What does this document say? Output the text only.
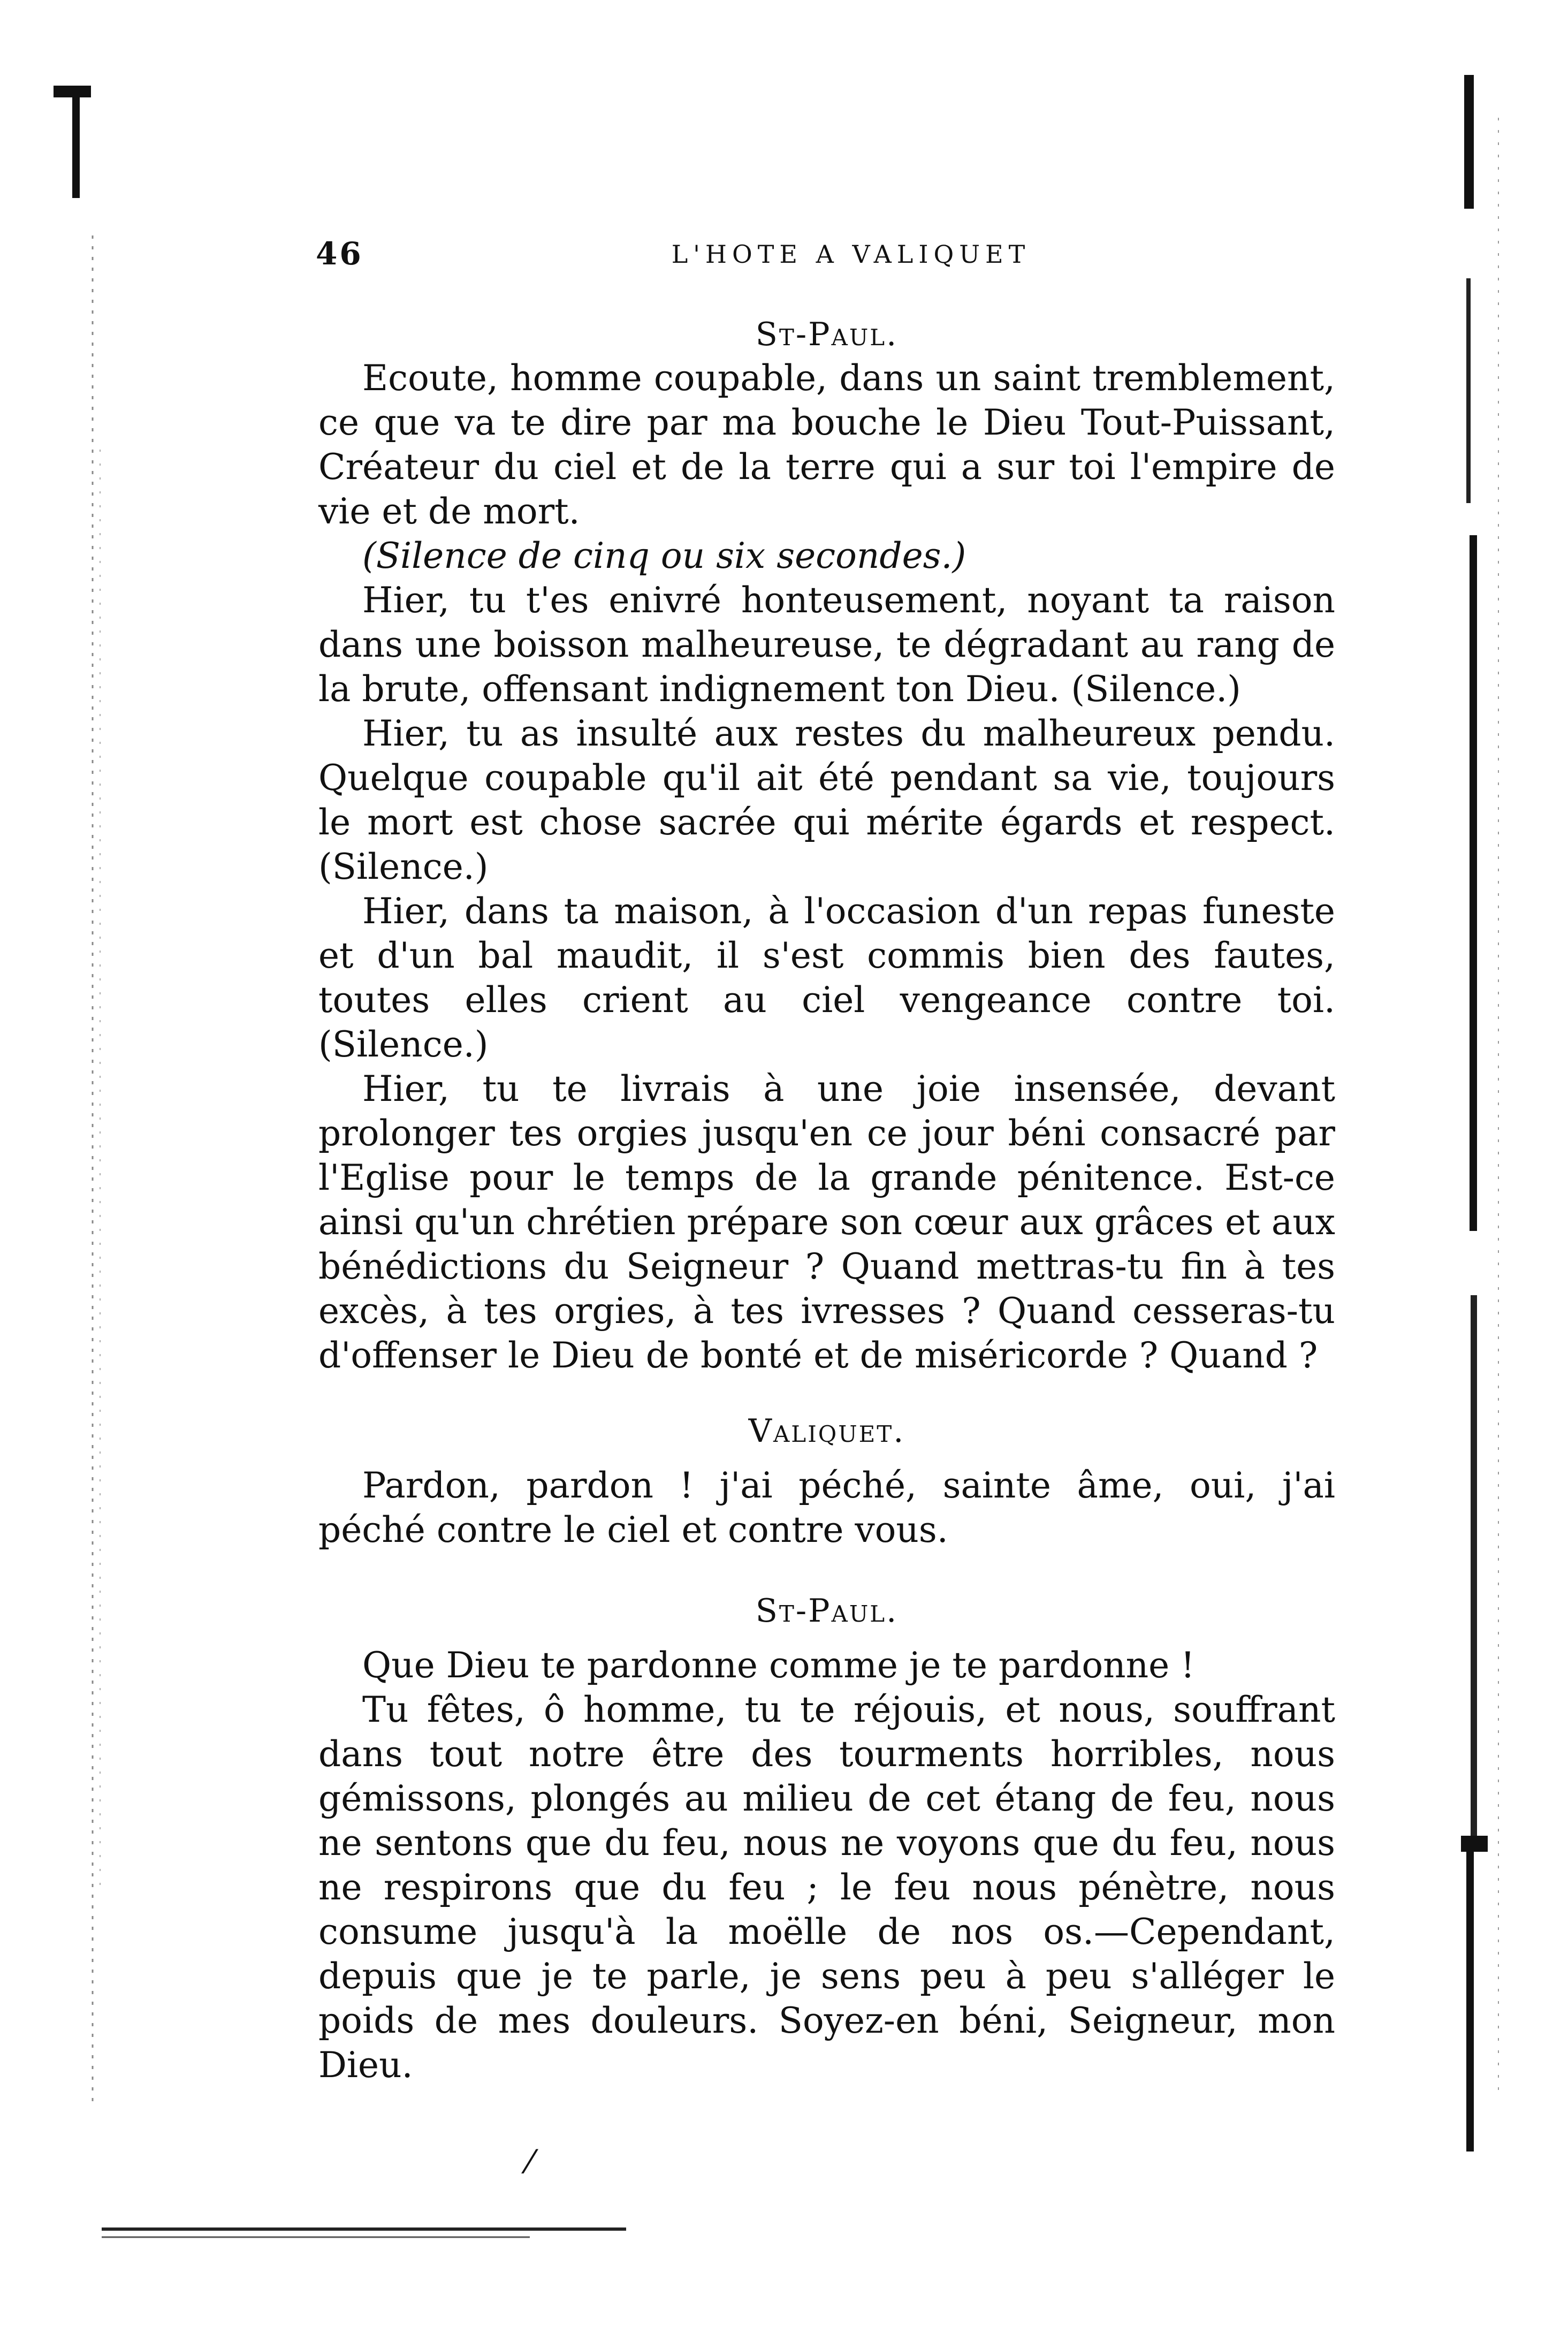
46	L'HOTE A VALIQUET
St-Paul.

Ecoute, homme coupable, dans un saint tremblement, ce que va te dire par ma bouche le Dieu Tout-Puissant, Créateur du ciel et de la terre qui a sur toi l'empire de vie et de mort.

(Silence de cinq ou six secondes.)

Hier, tu t'es enivré honteusement, noyant ta raison dans une boisson malheureuse, te dégradant au rang de la brute, offensant indignement ton Dieu. (Silence.)

Hier, tu as insulté aux restes du malheureux pendu. Quelque coupable qu'il ait été pendant sa vie, toujours le mort est chose sacrée qui mérite égards et respect. (Silence.)

Hier, dans ta maison, à l'occasion d'un repas funeste et d'un bal maudit, il s'est commis bien des fautes, toutes elles crient au ciel vengeance contre toi. (Silence.)

Hier, tu te livrais à une joie insensée, devant prolonger tes orgies jusqu'en ce jour béni consacré par l'Eglise pour le temps de la grande pénitence. Est-ce ainsi qu'un chrétien prépare son cœur aux grâces et aux bénédictions du Seigneur ? Quand mettras-tu fin à tes excès, à tes orgies, à tes ivresses ? Quand cesseras-tu d'offenser le Dieu de bonté et de miséricorde ? Quand ?

Valiquet.

Pardon, pardon ! j'ai péché, sainte âme, oui, j'ai péché contre le ciel et contre vous.

St-Paul.

Que Dieu te pardonne comme je te pardonne !

Tu fêtes, ô homme, tu te réjouis, et nous, souffrant dans tout notre être des tourments horribles, nous gémissons, plongés au milieu de cet étang de feu, nous ne sentons que du feu, nous ne voyons que du feu, nous ne respirons que du feu ; le feu nous pénètre, nous consume jusqu'à la moëlle de nos os.—Cependant, depuis que je te parle, je sens peu à peu s'alléger le poids de mes douleurs. Soyez-en béni, Seigneur, mon Dieu.

⁄
